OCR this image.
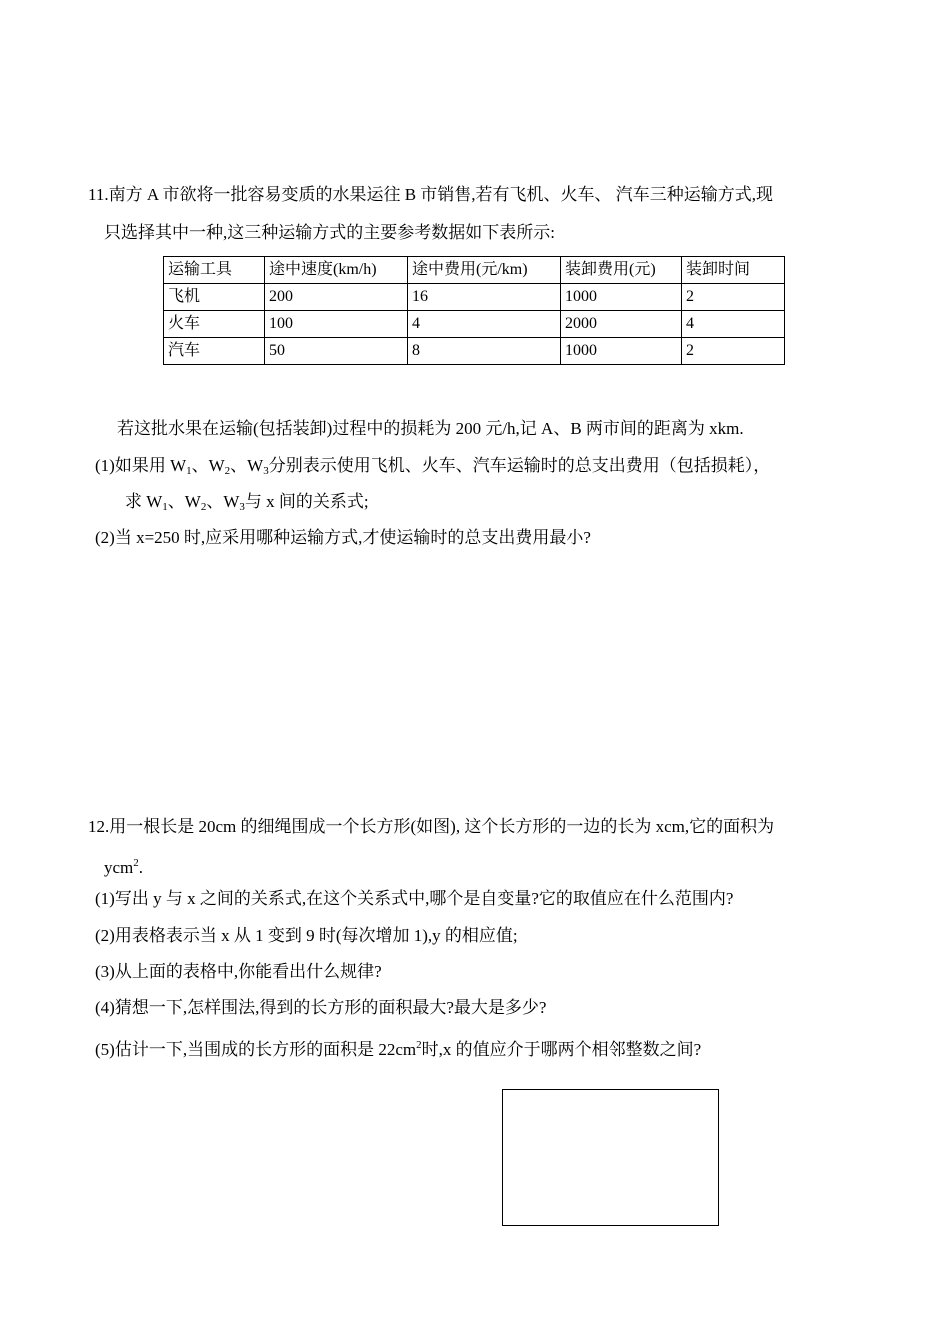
11.南方 A 市欲将一批容易变质的水果运往 B 市销售,若有飞机、火车、 汽车三种运输方式,现
只选择其中一种,这三种运输方式的主要参考数据如下表所示:
运输工具	途中速度(km/h)	途中费用(元/km)	装卸费用(元)	装卸时间
飞机	200	16	1000	2
火车	100	4	2000	4
汽车	50	8	1000	2
若这批水果在运输(包括装卸)过程中的损耗为 200 元/h,记 A、B 两市间的距离为 xkm.
(1)如果用 $W_1$、$W_2$、$W_3$分别表示使用飞机、火车、汽车运输时的总支出费用（包括损耗），
求 $W_1$、$W_2$、$W_3$与 x 间的关系式;
(2)当 x=250 时,应采用哪种运输方式,才使运输时的总支出费用最小?
12.用一根长是 20cm 的细绳围成一个长方形(如图), 这个长方形的一边的长为 xcm,它的面积为
ycm$^2$.
(1)写出 y 与 x 之间的关系式,在这个关系式中,哪个是自变量?它的取值应在什么范围内?
(2)用表格表示当 x 从 1 变到 9 时(每次增加 1),y 的相应值;
(3)从上面的表格中,你能看出什么规律?
(4)猜想一下,怎样围法,得到的长方形的面积最大?最大是多少?
(5)估计一下,当围成的长方形的面积是 $22cm^2$时,x 的值应介于哪两个相邻整数之间?
